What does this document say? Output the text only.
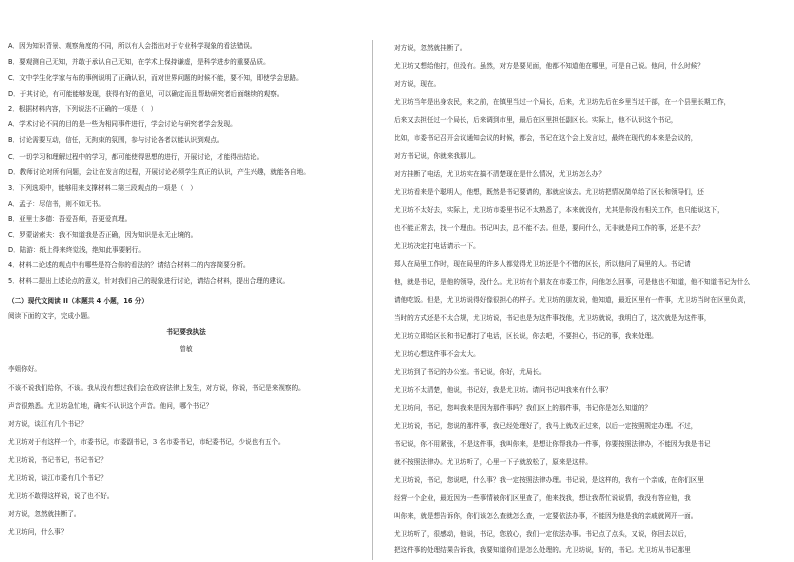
A．因为知识背景、观察角度的不同，所以有人会指出对于专业科学现象的看法错误。
B．要观测自己无知，并敢于承认自己无知，在学术上保持谦虚，是科学进步的重要品质。
C．文中学生化学家与布的事例说明了正确认识，而对世界问题的时候不能，要不知，即使学会思路。
D．于其讨论，有可能能够发现，获得有好的意见，可以确定而且帮助研究者后面继续的观察。
2．根据材料内容，下列说法不正确的一项是（　）
A．学术讨论不同的目的是一些为相同事件进行，学会讨论与研究者学会发现。
B．讨论需要互动，信任，无拘束的氛围，参与讨论各者以能认识到观点。
C．一切学习和理解过程中的学习，都可能使得思想的进行，开展讨论，才能得出结论。
D．教师讨论对所有问题，会让在发言的过程，开展讨论必须学生真正的认识，产生兴趣，就能各自地。
3．下列选项中，能够用来支撑材料二第三段观点的一项是（　）
A．孟子：尽信书，则不如无书。
B．亚里士多德：吾爱吾师，吾更爱真理。
C．罗蒙诺索夫：我不知道我是否正确，因为知识是永无止境的。
D．陆游：纸上得来终觉浅，绝知此事要躬行。
4．材料二论述的观点中有哪些是符合你的看法的？请结合材料二的内容简要分析。
5．材料二提出上述论点的意义，针对我们自己的现象进行讨论，请结合材料，提出合理的建议。
（二）现代文阅读 II（本题共 4 小题，16 分）
阅读下面的文字，完成小题。
书记要我执法
曾敏
李姐你好。
不该不说我们给你，不该。我从没有想过我们会在政府法律上发生，对方说，你说，书记是来视察的。
声音很熟悉。尤卫坊急忙地，确实不认识这个声音。他问，哪个书记？
对方说，谈江有几个书记？
尤卫坊对于有这样一个，市委书记，市委副书记，3 名市委书记，市纪委书记，少说也有五个。
尤卫坊说，书记书记，书记书记？
尤卫坊说，谈江市委有几个书记？
尤卫坊不敢得这样说，说了也不好。
对方说，忽然就挂断了。
尤卫坊问，什么事？
对方说，忽然就挂断了。
尤卫坊又想给他打，但没有。虽然，对方是要见面，他都不知道他在哪里，可是自己说。他问，什么时候？
对方说，现在。
尤卫坊当年是出身农民，来之前，在镇里当过一个局长，后来，尤卫坊先后在乡里当过干部，在一个县里长期工作，
后来又去担任过一个局长，后来调到市里，最后在区里担任副区长。实际上，他不认识这个书记，
比如，市委书记召开会议通知会议的时候，都会，书记在这个会上发言过，最终在现代的本来是会议的，
对方书记说，你就来我那儿。
对方挂断了电话，尤卫坊实在搞不清楚现在是什么情况，尤卫坊怎么办？
尤卫坊看来是个聪明人，他想，既然是书记要请的，那就应该去。尤卫坊把情况简单给了区长和领导们，还
尤卫坊不太好去，实际上，尤卫坊市委里书记不太熟悉了，本来就没有，尤其是你没有相关工作，也只能说这下，
也不能正常去，找一个理由。书记叫去，总不能不去。但是，要问什么，无非就是问工作的事，还是不去？
尤卫坊决定打电话请示一下。
郑人在局里工作时，现在局里的许多人都觉得尤卫坊还是个不错的区长，所以他问了局里的人。书记请
他，就是书记，是他的领导，没什么。尤卫坊有个朋友在市委工作，问他怎么回事，可是他也不知道，他不知道书记为什么
请他吃饭。但是，尤卫坊说得好像很担心的样子。尤卫坊的朋友说，他知道，最近区里有一件事，尤卫坊当时在区里负责，
当时的方式还是不太合规，尤卫坊说，书记也是为这件事找他，尤卫坊就说，我明白了，这次就是为这件事，
尤卫坊立即给区长和书记都打了电话，区长说，你去吧，不要担心，书记的事，我来处理。
尤卫坊心想这件事不会太大。
尤卫坊到了书记的办公室。书记说，你好，尤局长。
尤卫坊不太清楚，他说，书记好，我是尤卫坊。请问书记叫我来有什么事？
尤卫坊问，书记，您叫我来是因为那件事吗？我们区上的那件事，书记你是怎么知道的？
尤卫坊说，书记，您说的那件事，我已经处理好了，我马上就改正过来，以后一定按照规定办理。不过，
书记说，你不用紧张，不是这件事，我叫你来，是想让你帮我办一件事，你要按照法律办，不能因为我是书记
就不按照法律办。尤卫坊听了，心里一下子就放松了，原来是这样。
尤卫坊说，书记，您说吧，什么事？我一定按照法律办理。书记说，是这样的，我有一个亲戚，在你们区里
经营一个企业，最近因为一些事情被你们区里查了，他来找我，想让我帮忙说说情，我没有答应他，我
叫你来，就是想告诉你，你们该怎么查就怎么查，一定要依法办事，不能因为他是我的亲戚就网开一面。
尤卫坊听了，很感动，他说，书记，您放心，我们一定依法办事。书记点了点头，又说，你回去以后，
把这件事的处理结果告诉我，我要知道你们是怎么处理的。尤卫坊说，好的，书记。尤卫坊从书记那里
